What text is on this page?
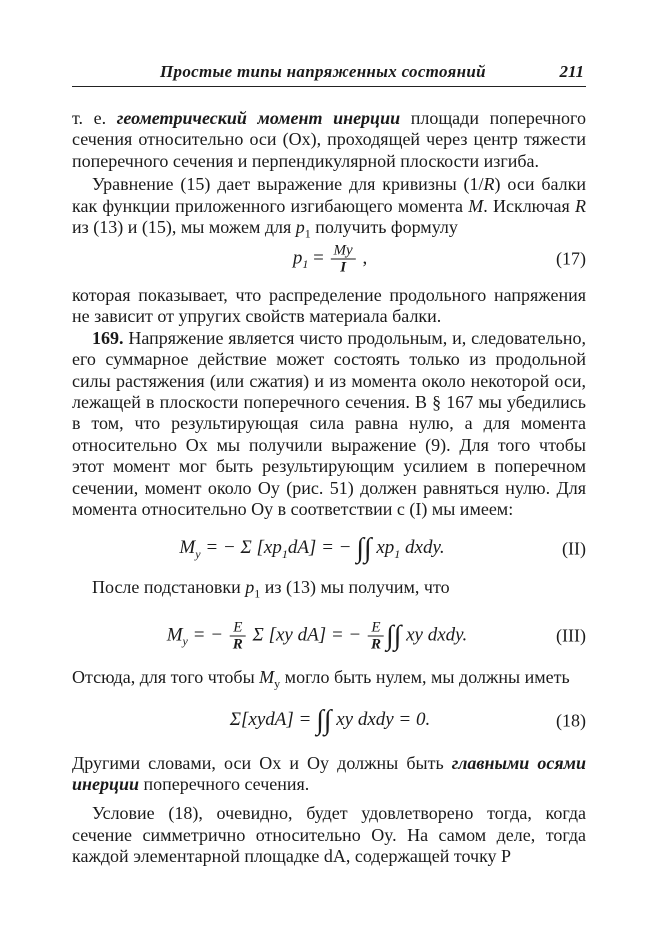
Простые типы напряженных состояний	211

т. е. геометрический момент инерции площади поперечного сечения относительно оси (Ox), проходящей через центр тяжести поперечного сечения и перпендикулярной плоскости изгиба.

Уравнение (15) дает выражение для кривизны (1/R) оси балки как функции приложенного изгибающего момента M. Исключая R из (13) и (15), мы можем для $p_1$ получить формулу

$p_1 = \frac{My}{I}$ ,	(17)

которая показывает, что распределение продольного напряжения не зависит от упругих свойств материала балки.

169. Напряжение является чисто продольным, и, следовательно, его суммарное действие может состоять только из продольной силы растяжения (или сжатия) и из момента около некоторой оси, лежащей в плоскости поперечного сечения. В § 167 мы убедились в том, что результирующая сила равна нулю, а для момента относительно Ox мы получили выражение (9). Для того чтобы этот момент мог быть результирующим усилием в поперечном сечении, момент около Oy (рис. 51) должен равняться нулю. Для момента относительно Oy в соответствии с (I) мы имеем:

$M_y$ = − Σ $[xp_1dA]$ = − ∫∫ $xp_1$ dxdy.	(II)

После подстановки $p_1$ из (13) мы получим, что

$M_y$ = − $\frac{E}{R}$ Σ [xy dA] = − $\frac{E}{R}$ ∫∫ xy dxdy.	(III)

Отсюда, для того чтобы $M_y$ могло быть нулем, мы должны иметь

Σ[xydA] = ∫∫ xy dxdy = 0.	(18)

Другими словами, оси Ox и Oy должны быть главными осями инерции поперечного сечения.

Условие (18), очевидно, будет удовлетворено тогда, когда сечение симметрично относительно Oy. На самом деле, тогда каждой элементарной площадке dA, содержащей точку P
